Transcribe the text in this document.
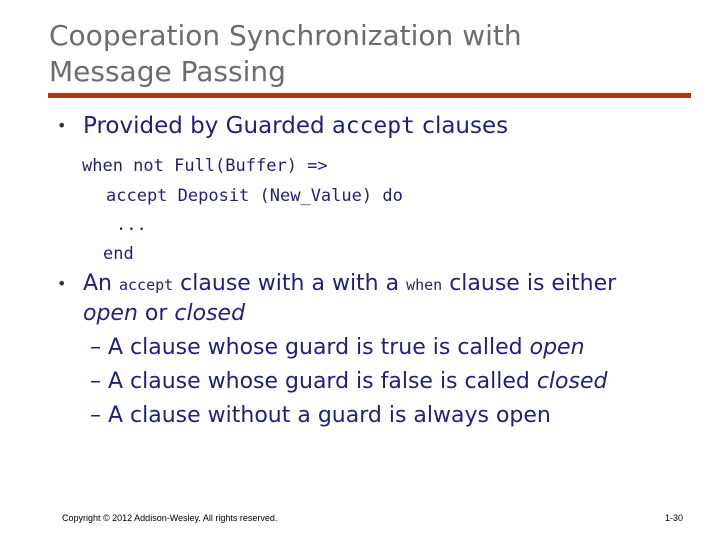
Cooperation Synchronization with
Message Passing
• Provided by Guarded accept clauses
when not Full(Buffer) =>
accept Deposit (New_Value) do
...
end
• An accept clause with a with a when clause is either
open or closed
– A clause whose guard is true is called open
– A clause whose guard is false is called closed
– A clause without a guard is always open
Copyright © 2012 Addison-Wesley. All rights reserved.	1-30
